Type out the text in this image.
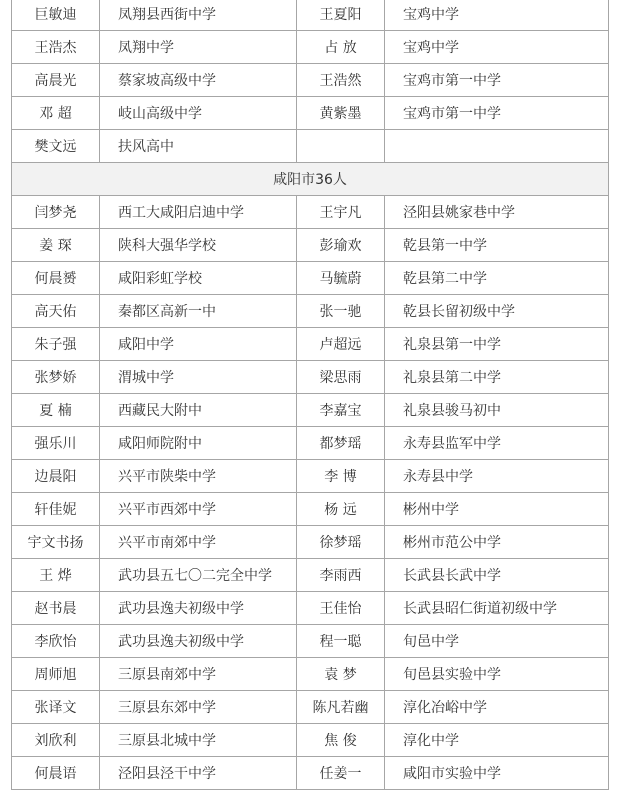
巨敏迪	凤翔县西街中学	王夏阳	宝鸡中学
王浩杰	凤翔中学	占 放	宝鸡中学
高晨光	蔡家坡高级中学	王浩然	宝鸡市第一中学
邓 超	岐山高级中学	黄紫墨	宝鸡市第一中学
樊文远	扶风高中		
咸阳市36人			
闫梦尧	西工大咸阳启迪中学	王宇凡	泾阳县姚家巷中学
姜 琛	陕科大强华学校	彭瑜欢	乾县第一中学
何晨赟	咸阳彩虹学校	马毓蔚	乾县第二中学
高天佑	秦都区高新一中	张一驰	乾县长留初级中学
朱子强	咸阳中学	卢超远	礼泉县第一中学
张梦娇	渭城中学	梁思雨	礼泉县第二中学
夏 楠	西藏民大附中	李嘉宝	礼泉县骏马初中
强乐川	咸阳师院附中	都梦瑶	永寿县监军中学
边晨阳	兴平市陕柴中学	李 博	永寿县中学
轩佳妮	兴平市西郊中学	杨 远	彬州中学
宇文书扬	兴平市南郊中学	徐梦瑶	彬州市范公中学
王 烨	武功县五七〇二完全中学	李雨西	长武县长武中学
赵书晨	武功县逸夫初级中学	王佳怡	长武县昭仁街道初级中学
李欣怡	武功县逸夫初级中学	程一聪	旬邑中学
周师旭	三原县南郊中学	袁 梦	旬邑县实验中学
张译文	三原县东郊中学	陈凡若幽	淳化冶峪中学
刘欣利	三原县北城中学	焦 俊	淳化中学
何晨语	泾阳县泾干中学	任姜一	咸阳市实验中学
